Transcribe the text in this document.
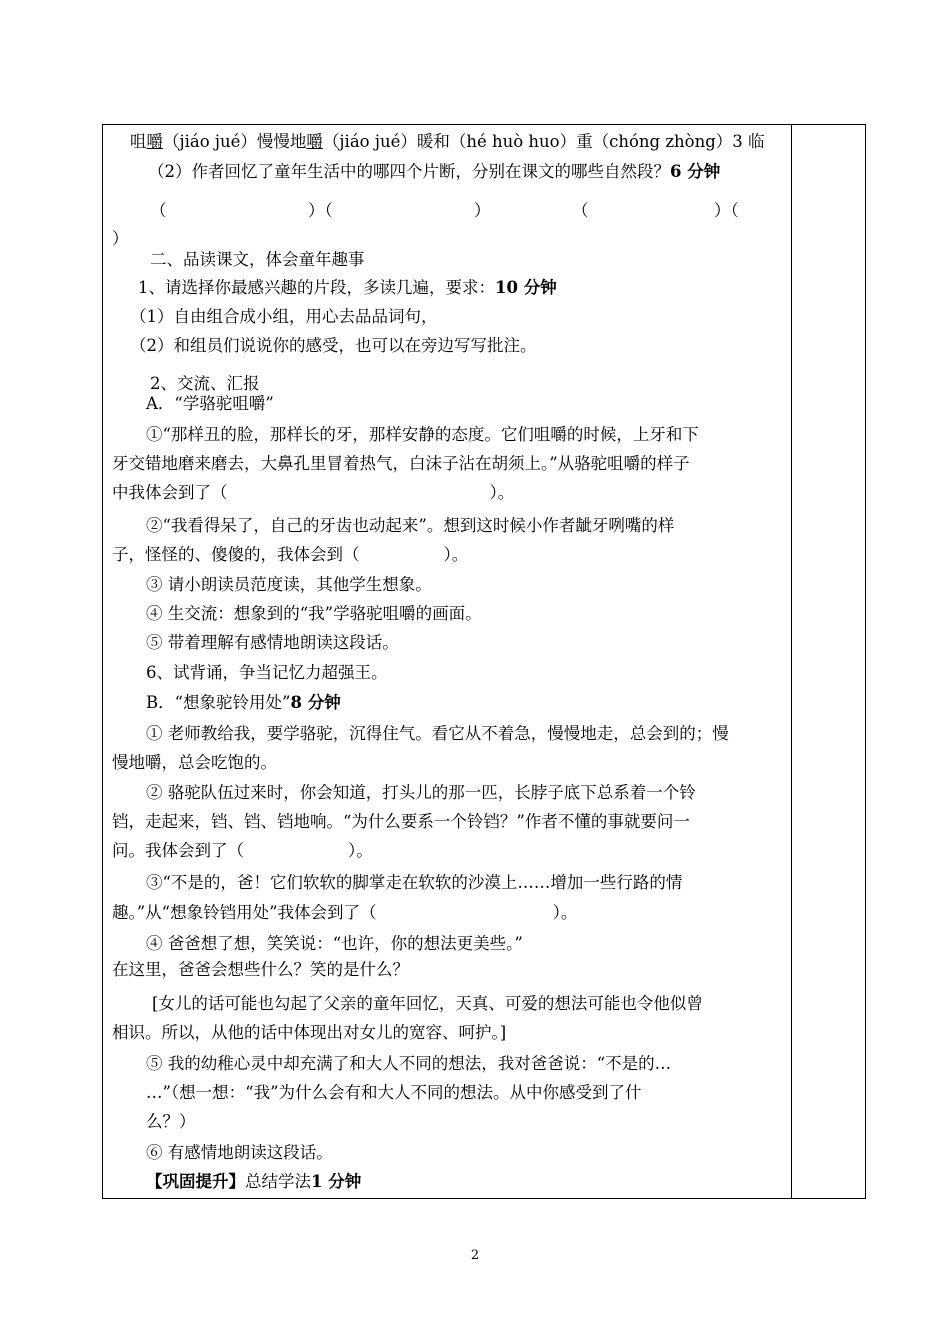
咀嚼（jiáo jué）慢慢地嚼（jiáo jué）暖和（hé huò huo）重（chóng zhòng）3 临
（2）作者回忆了童年生活中的哪四个片断，分别在课文的哪些自然段？6 分钟
（	）（	）	（	）（
）
二、品读课文，体会童年趣事
1、请选择你最感兴趣的片段，多读几遍，要求：10 分钟
（1）自由组合成小组，用心去品品词句，
（2）和组员们说说你的感受，也可以在旁边写写批注。
2、交流、汇报
A．“学骆驼咀嚼”
①“那样丑的脸，那样长的牙，那样安静的态度。它们咀嚼的时候，上牙和下
牙交错地磨来磨去，大鼻孔里冒着热气，白沫子沾在胡须上。”从骆驼咀嚼的样子
中我体会到了（	）。
②“我看得呆了，自己的牙齿也动起来”。想到这时候小作者龇牙咧嘴的样
子，怪怪的、傻傻的，我体会到（	）。
③ 请小朗读员范度读，其他学生想象。
④ 生交流：想象到的“我”学骆驼咀嚼的画面。
⑤ 带着理解有感情地朗读这段话。
6、试背诵，争当记忆力超强王。
B．“想象驼铃用处”8 分钟
① 老师教给我，要学骆驼，沉得住气。看它从不着急，慢慢地走，总会到的；慢
慢地嚼，总会吃饱的。
② 骆驼队伍过来时，你会知道，打头儿的那一匹，长脖子底下总系着一个铃
铛，走起来，铛、铛、铛地响。“为什么要系一个铃铛？”作者不懂的事就要问一
问。我体会到了（	）。
③“不是的，爸！它们软软的脚掌走在软软的沙漠上……增加一些行路的情
趣。”从“想象铃铛用处”我体会到了（	）。
④ 爸爸想了想，笑笑说：“也许，你的想法更美些。”
在这里，爸爸会想些什么？笑的是什么？
[女儿的话可能也勾起了父亲的童年回忆，天真、可爱的想法可能也令他似曾
相识。所以，从他的话中体现出对女儿的宽容、呵护。]
⑤ 我的幼稚心灵中却充满了和大人不同的想法，我对爸爸说：“不是的…
…”（想一想：“我”为什么会有和大人不同的想法。从中你感受到了什
么？）
⑥ 有感情地朗读这段话。
【巩固提升】总结学法1 分钟
2
